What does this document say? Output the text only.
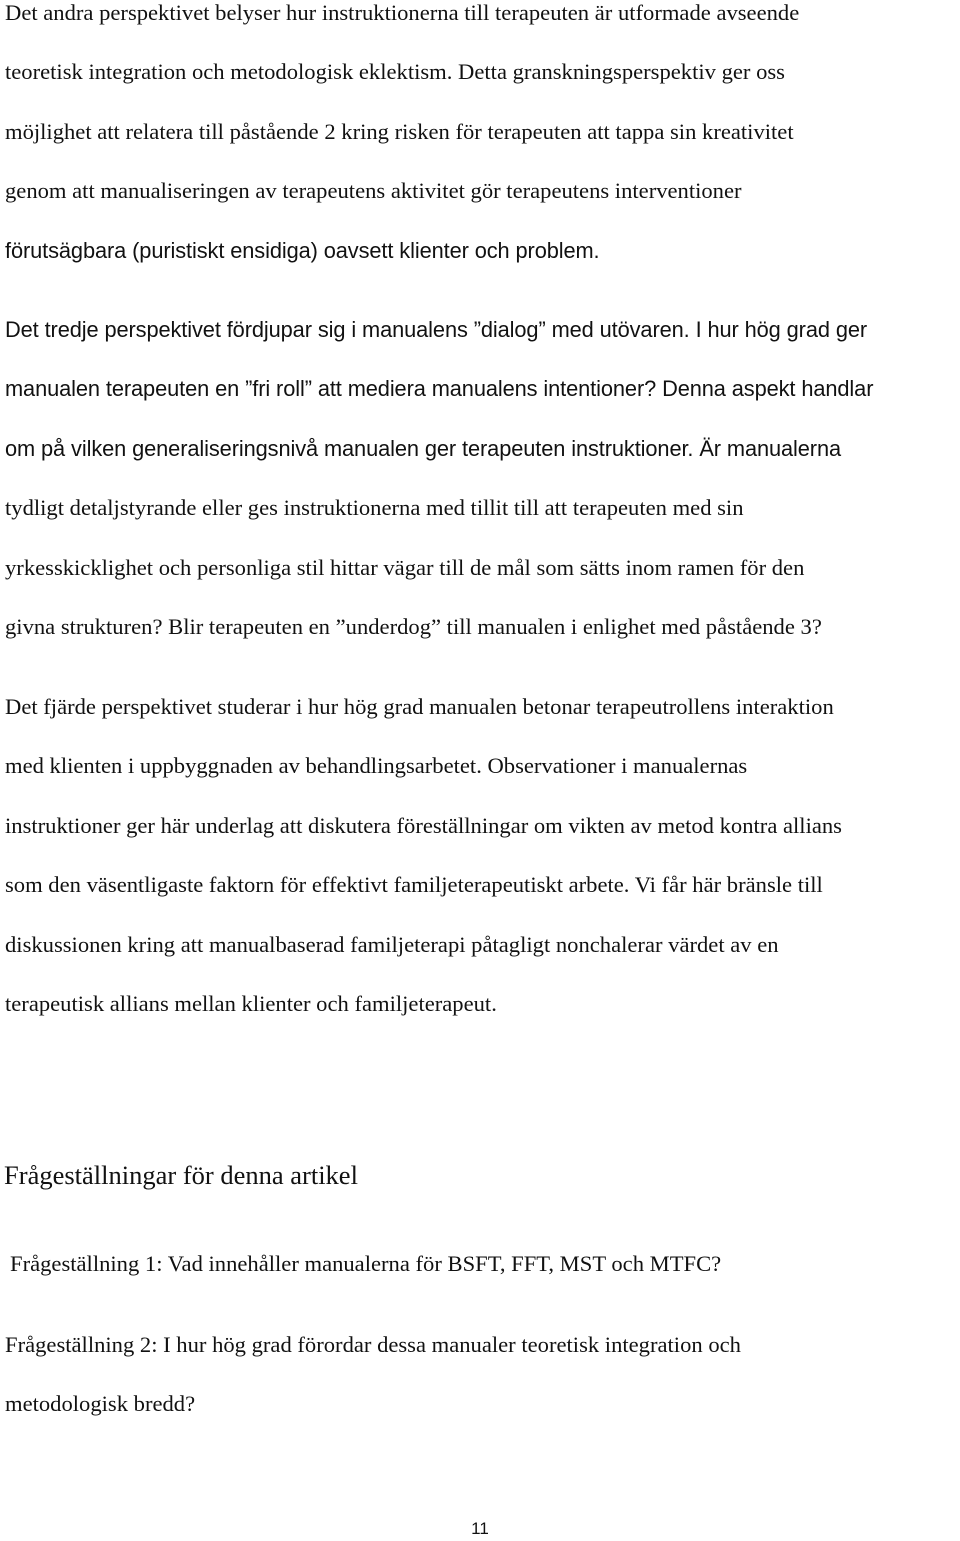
Det andra perspektivet belyser hur instruktionerna till terapeuten är utformade avseende
teoretisk integration och metodologisk eklektism. Detta granskningsperspektiv ger oss
möjlighet att relatera till påstående 2 kring risken för terapeuten att tappa sin kreativitet
genom att manualiseringen av terapeutens aktivitet gör terapeutens interventioner
förutsägbara (puristiskt ensidiga) oavsett klienter och problem.

Det tredje perspektivet fördjupar sig i manualens ”dialog” med utövaren. I hur hög grad ger
manualen terapeuten en ”fri roll” att mediera manualens intentioner? Denna aspekt handlar
om på vilken generaliseringsnivå manualen ger terapeuten instruktioner. Är manualerna
tydligt detaljstyrande eller ges instruktionerna med tillit till att terapeuten med sin
yrkesskicklighet och personliga stil hittar vägar till de mål som sätts inom ramen för den
givna strukturen? Blir terapeuten en ”underdog” till manualen i enlighet med påstående 3?

Det fjärde perspektivet studerar i hur hög grad manualen betonar terapeutrollens interaktion
med klienten i uppbyggnaden av behandlingsarbetet. Observationer i manualernas
instruktioner ger här underlag att diskutera föreställningar om vikten av metod kontra allians
som den väsentligaste faktorn för effektivt familjeterapeutiskt arbete. Vi får här bränsle till
diskussionen kring att manualbaserad familjeterapi påtagligt nonchalerar värdet av en
terapeutisk allians mellan klienter och familjeterapeut.

Frågeställningar för denna artikel

Frågeställning 1: Vad innehåller manualerna för BSFT, FFT, MST och MTFC?

Frågeställning 2: I hur hög grad förordar dessa manualer teoretisk integration och
metodologisk bredd?

11
